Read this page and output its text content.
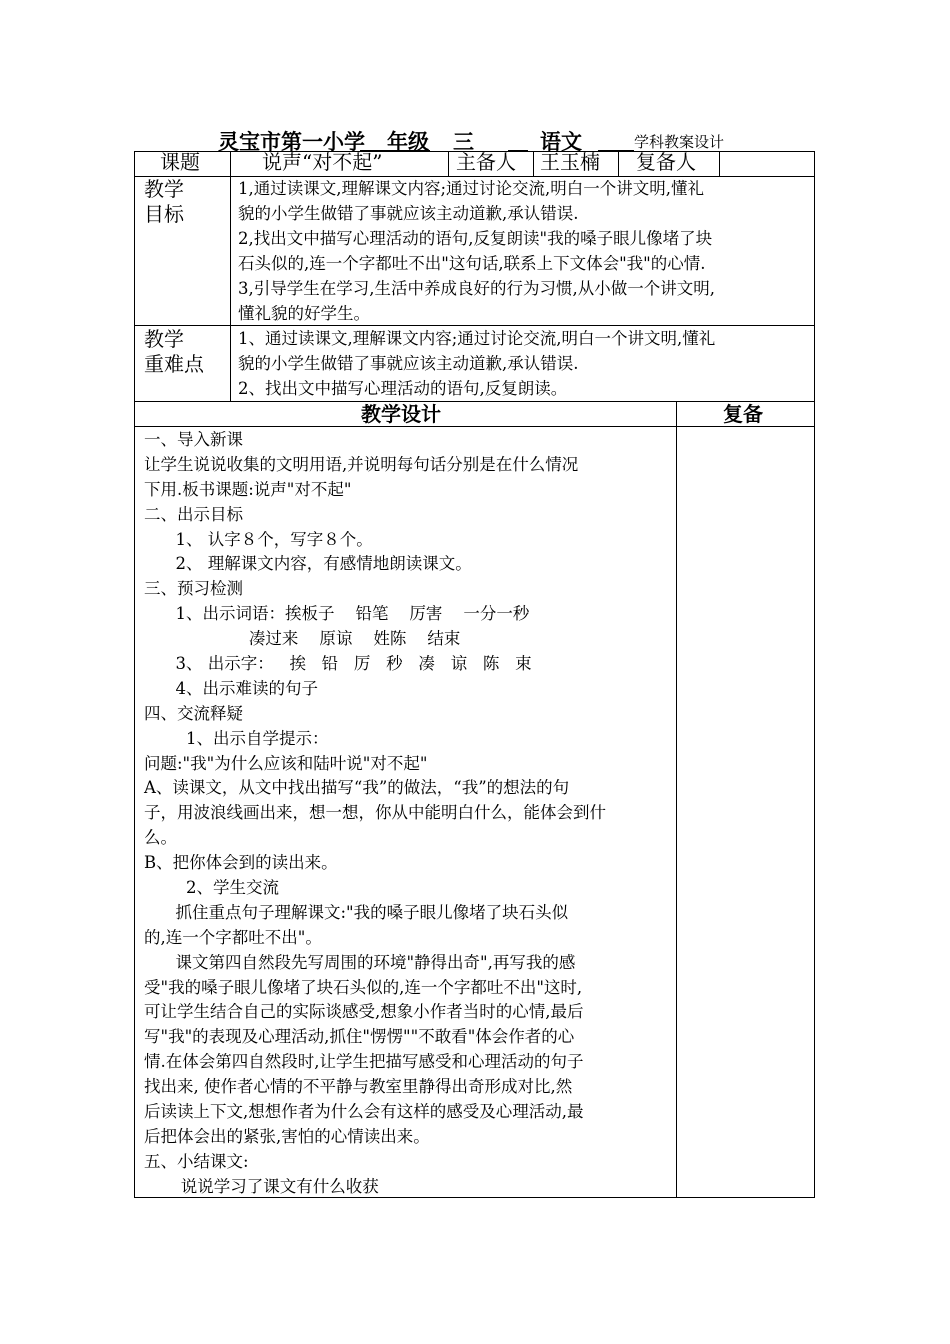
灵宝市第一小学 年级	语文	学科教案设计
三
课题	说声“对不起”	主备人 王玉楠 复备人
教学
目标
1,通过读课文,理解课文内容;通过讨论交流,明白一个讲文明,懂礼
貌的小学生做错了事就应该主动道歉,承认错误.
2,找出文中描写心理活动的语句,反复朗读"我的嗓子眼儿像堵了块
石头似的,连一个字都吐不出"这句话,联系上下文体会"我"的心情.
3,引导学生在学习,生活中养成良好的行为习惯,从小做一个讲文明,
懂礼貌的好学生。
教学
重难点
1、通过读课文,理解课文内容;通过讨论交流,明白一个讲文明,懂礼
貌的小学生做错了事就应该主动道歉,承认错误.
2、找出文中描写心理活动的语句,反复朗读。
教学设计	复备
一、导入新课
让学生说说收集的文明用语,并说明每句话分别是在什么情况
下用.板书课题:说声"对不起"
二、出示目标
1、 认字８个，写字８个。
2、 理解课文内容，有感情地朗读课文。
三、预习检测
1、出示词语：挨板子    铅笔    厉害    一分一秒
凑过来    原谅    姓陈    结束
3、 出示字：   挨   铅   厉   秒   凑   谅   陈   束
4、出示难读的句子
四、交流释疑
1、出示自学提示：
问题:"我"为什么应该和陆叶说"对不起"
A、读课文，从文中找出描写“我”的做法，“我”的想法的句
子，用波浪线画出来，想一想，你从中能明白什么，能体会到什
么。
B、把你体会到的读出来。
2、学生交流
抓住重点句子理解课文:"我的嗓子眼儿像堵了块石头似
的,连一个字都吐不出"。
课文第四自然段先写周围的环境"静得出奇",再写我的感
受"我的嗓子眼儿像堵了块石头似的,连一个字都吐不出"这时,
可让学生结合自己的实际谈感受,想象小作者当时的心情,最后
写"我"的表现及心理活动,抓住"愣愣""不敢看"体会作者的心
情.在体会第四自然段时,让学生把描写感受和心理活动的句子
找出来, 使作者心情的不平静与教室里静得出奇形成对比,然
后读读上下文,想想作者为什么会有这样的感受及心理活动,最
后把体会出的紧张,害怕的心情读出来。
五、小结课文:
说说学习了课文有什么收获
